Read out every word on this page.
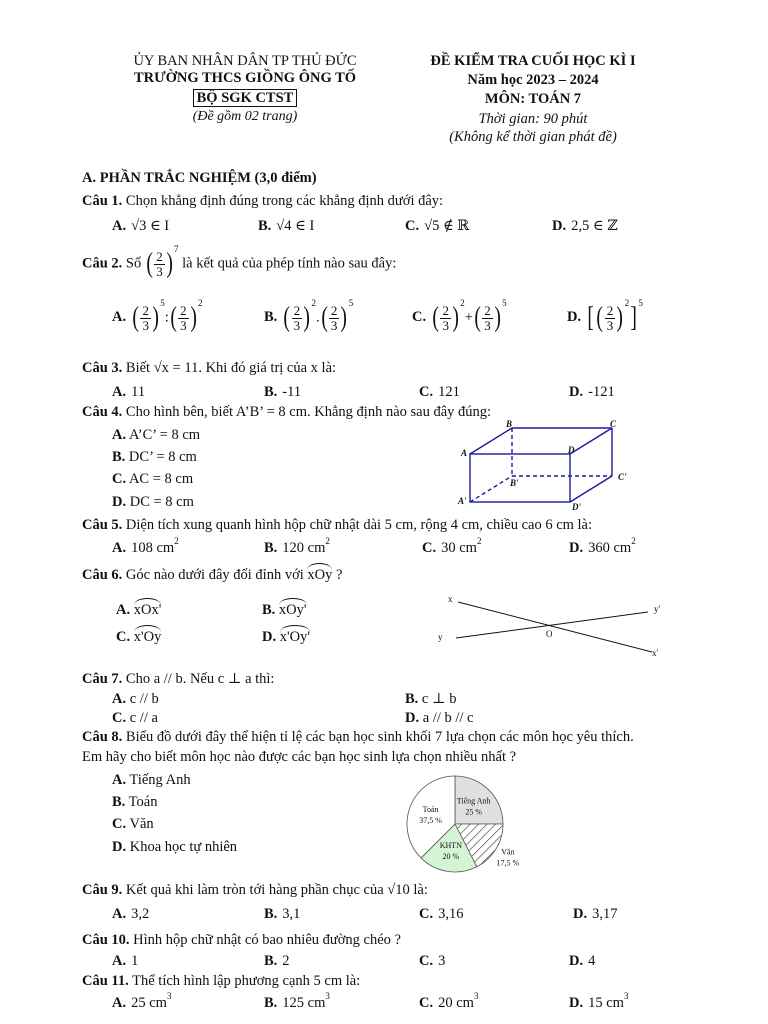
ỦY BAN NHÂN DÂN TP THỦ ĐỨC
TRƯỜNG THCS GIỒNG ÔNG TỐ
BỘ SGK CTST
(Đề gồm 02 trang)
ĐỀ KIỂM TRA CUỐI HỌC KÌ I
Năm học 2023 – 2024
MÔN: TOÁN 7
Thời gian: 90 phút
(Không kể thời gian phát đề)
A. PHẦN TRẮC NGHIỆM (3,0 điểm)
Câu 1. Chọn khẳng định đúng trong các khẳng định dưới đây:
A. √3 ∈ I	B. √4 ∈ I	C. √5 ∉ ℝ	D. 2,5 ∈ ℤ
Câu 2. Số ( $\frac{2}{3} )^7$ là kết quả của phép tính nào sau đây:
A. ( $\frac{2}{3}$ )$^5$:( $\frac{2}{3} )^2$
B. ( $\frac{2}{3} )^2.( \frac{2}{3} )^5$
C. ( $\frac{2}{3} )^2+( \frac{2}{3} )^5$
D. [( $\frac{2}{3} )^2]^5$
Câu 3. Biết √x = 11. Khi đó giá trị của x là:
A. 11	B. -11	C. 121	D. -121
Câu 4. Cho hình bên, biết A’B’ = 8 cm. Khẳng định nào sau đây đúng:
A. A’C’ = 8 cm
B. DC’ = 8 cm
C. AC = 8 cm
D. DC = 8 cm
B	C
A	D
B'
C'
A'
D'
Câu 5. Diện tích xung quanh hình hộp chữ nhật dài 5 cm, rộng 4 cm, chiều cao 6 cm là:
A. 108 $cm^2$	B. 120 $cm^2$	C. 30 $cm^2$	D. 360 $cm^2$
Câu 6. Góc nào dưới đây đối đỉnh với xOy ?
A. xOx'	B. xOy'
C. x'Oy	D. x'Oy'
x
y'
y	O
x'
Câu 7. Cho a // b. Nếu c ⊥ a thì:
A. c // b	B. c ⊥ b
C. c // a	D. a // b // c
Câu 8. Biểu đồ dưới đây thể hiện tỉ lệ các bạn học sinh khối 7 lựa chọn các môn học yêu thích.
Em hãy cho biết môn học nào được các bạn học sinh lựa chọn nhiều nhất ?
A. Tiếng Anh
B. Toán
C. Văn
D. Khoa học tự nhiên
Toán
37,5 %
Tiếng Anh
25 %
Văn
17,5 %
KHTN
20 %
Câu 9. Kết quả khi làm tròn tới hàng phần chục của √10 là:
A. 3,2	B. 3,1	C. 3,16	D. 3,17
Câu 10. Hình hộp chữ nhật có bao nhiêu đường chéo ?
A. 1	B. 2	C. 3	D. 4
Câu 11. Thể tích hình lập phương cạnh 5 cm là:
A. 25 $cm^3$	B. 125 $cm^3$	C. 20 $cm^3$	D. 15 $cm^3$
